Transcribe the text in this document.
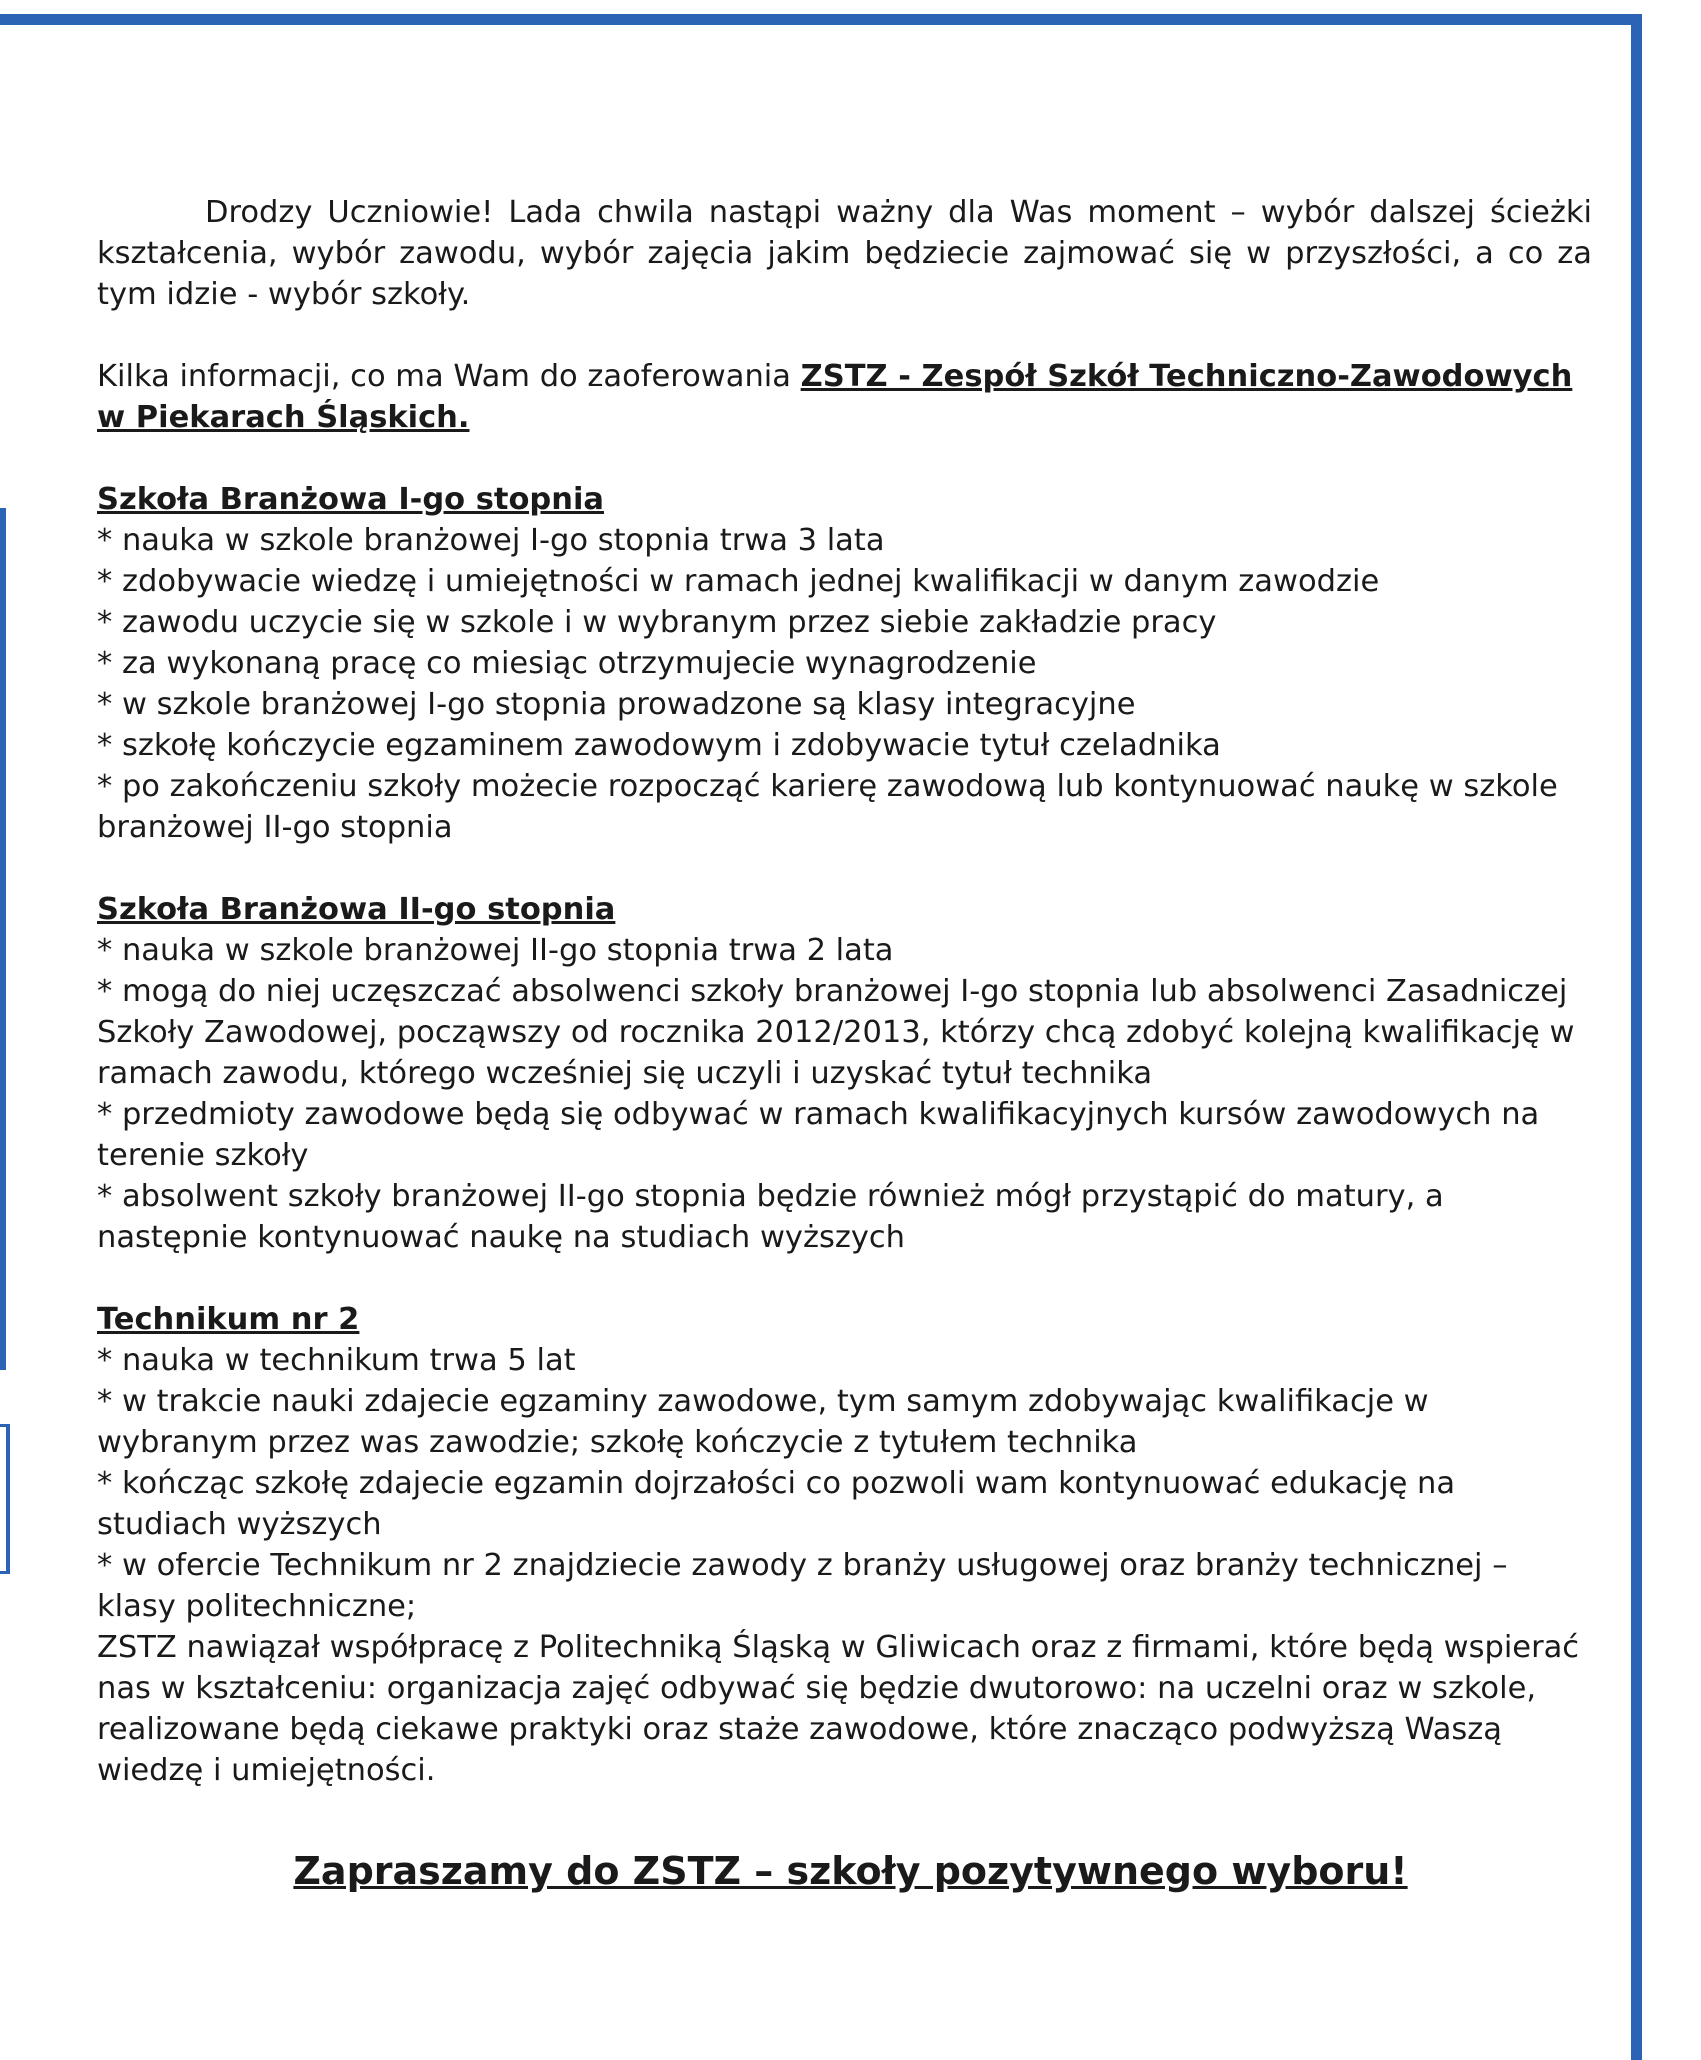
Drodzy Uczniowie! Lada chwila nastąpi ważny dla Was moment – wybór dalszej ścieżki kształcenia, wybór zawodu, wybór zajęcia jakim będziecie zajmować się w przyszłości, a co za tym idzie - wybór szkoły.

Kilka informacji, co ma Wam do zaoferowania ZSTZ - Zespół Szkół Techniczno-Zawodowych w Piekarach Śląskich.

Szkoła Branżowa I-go stopnia

* nauka w szkole branżowej I-go stopnia trwa 3 lata

* zdobywacie wiedzę i umiejętności w ramach jednej kwalifikacji w danym zawodzie

* zawodu uczycie się w szkole i w wybranym przez siebie zakładzie pracy

* za wykonaną pracę co miesiąc otrzymujecie wynagrodzenie

* w szkole branżowej I-go stopnia prowadzone są klasy integracyjne

* szkołę kończycie egzaminem zawodowym i zdobywacie tytuł czeladnika

* po zakończeniu szkoły możecie rozpocząć karierę zawodową lub kontynuować naukę w szkole branżowej II-go stopnia

Szkoła Branżowa II-go stopnia

* nauka w szkole branżowej II-go stopnia trwa 2 lata

* mogą do niej uczęszczać absolwenci szkoły branżowej I-go stopnia lub absolwenci Zasadniczej Szkoły Zawodowej, począwszy od rocznika 2012/2013, którzy chcą zdobyć kolejną kwalifikację w ramach zawodu, którego wcześniej się uczyli i uzyskać tytuł technika

* przedmioty zawodowe będą się odbywać w ramach kwalifikacyjnych kursów zawodowych na terenie szkoły

* absolwent szkoły branżowej II-go stopnia będzie również mógł przystąpić do matury, a następnie kontynuować naukę na studiach wyższych

Technikum nr 2

* nauka w technikum trwa 5 lat

* w trakcie nauki zdajecie egzaminy zawodowe, tym samym zdobywając kwalifikacje w wybranym przez was zawodzie; szkołę kończycie z tytułem technika

* kończąc szkołę zdajecie egzamin dojrzałości co pozwoli wam kontynuować edukację na studiach wyższych

* w ofercie Technikum nr 2 znajdziecie zawody z branży usługowej oraz branży technicznej – klasy politechniczne;

ZSTZ nawiązał współpracę z Politechniką Śląską w Gliwicach oraz z firmami, które będą wspierać nas w kształceniu: organizacja zajęć odbywać się będzie dwutorowo: na uczelni oraz w szkole, realizowane będą ciekawe praktyki oraz staże zawodowe, które znacząco podwyższą Waszą wiedzę i umiejętności.

Zapraszamy do ZSTZ – szkoły pozytywnego wyboru!
